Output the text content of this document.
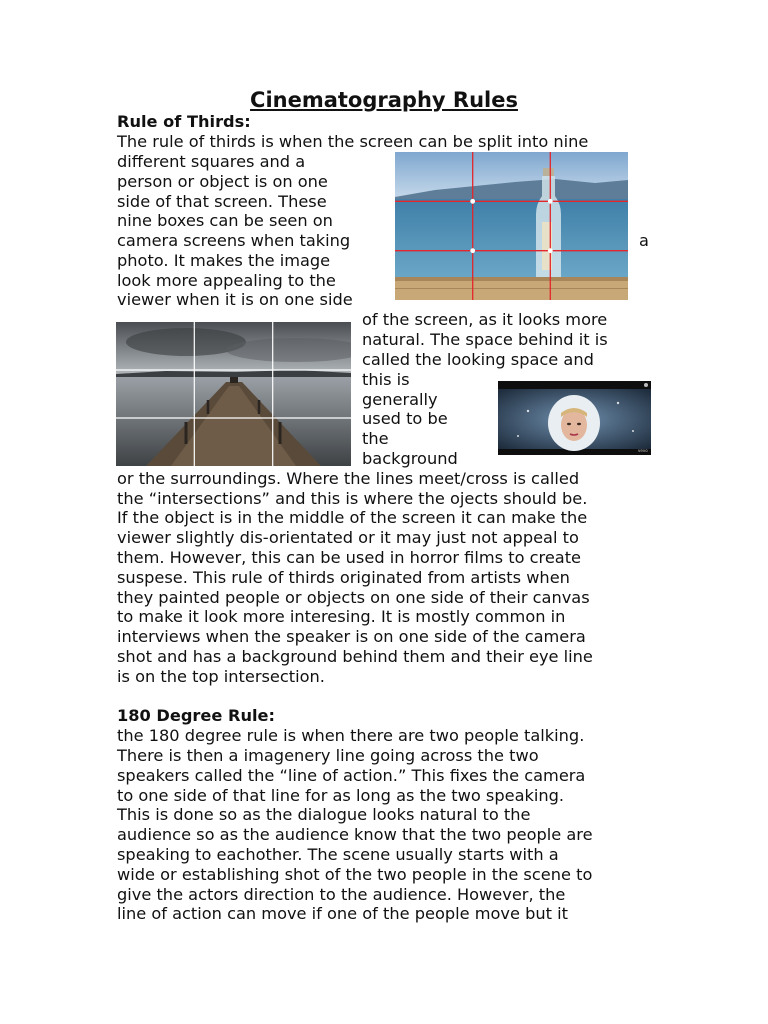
Cinematography Rules
Rule of Thirds:
The rule of thirds is when the screen can be split into nine
different squares and a
person or object is on one
side of that screen. These
nine boxes can be seen on
camera screens when taking	a
photo. It makes the image
look more appealing to the
viewer when it is on one side
of the screen, as it looks more
natural. The space behind it is
called the looking space and
this is
generally
used to be
the
background
or the surroundings. Where the lines meet/cross is called
the “intersections” and this is where the ojects should be.
If the object is in the middle of the screen it can make the
viewer slightly dis-orientated or it may just not appeal to
them. However, this can be used in horror films to create
suspese. This rule of thirds originated from artists when
they painted people or objects on one side of their canvas
to make it look more interesing. It is mostly common in
interviews when the speaker is on one side of the camera
shot and has a background behind them and their eye line
is on the top intersection.
180 Degree Rule:
the 180 degree rule is when there are two people talking.
There is then a imagenery line going across the two
speakers called the “line of action.” This fixes the camera
to one side of that line for as long as the two speaking.
This is done so as the dialogue looks natural to the
audience so as the audience know that the two people are
speaking to eachother. The scene usually starts with a
wide or establishing shot of the two people in the scene to
give the actors direction to the audience. However, the
line of action can move if one of the people move but it
vevo
